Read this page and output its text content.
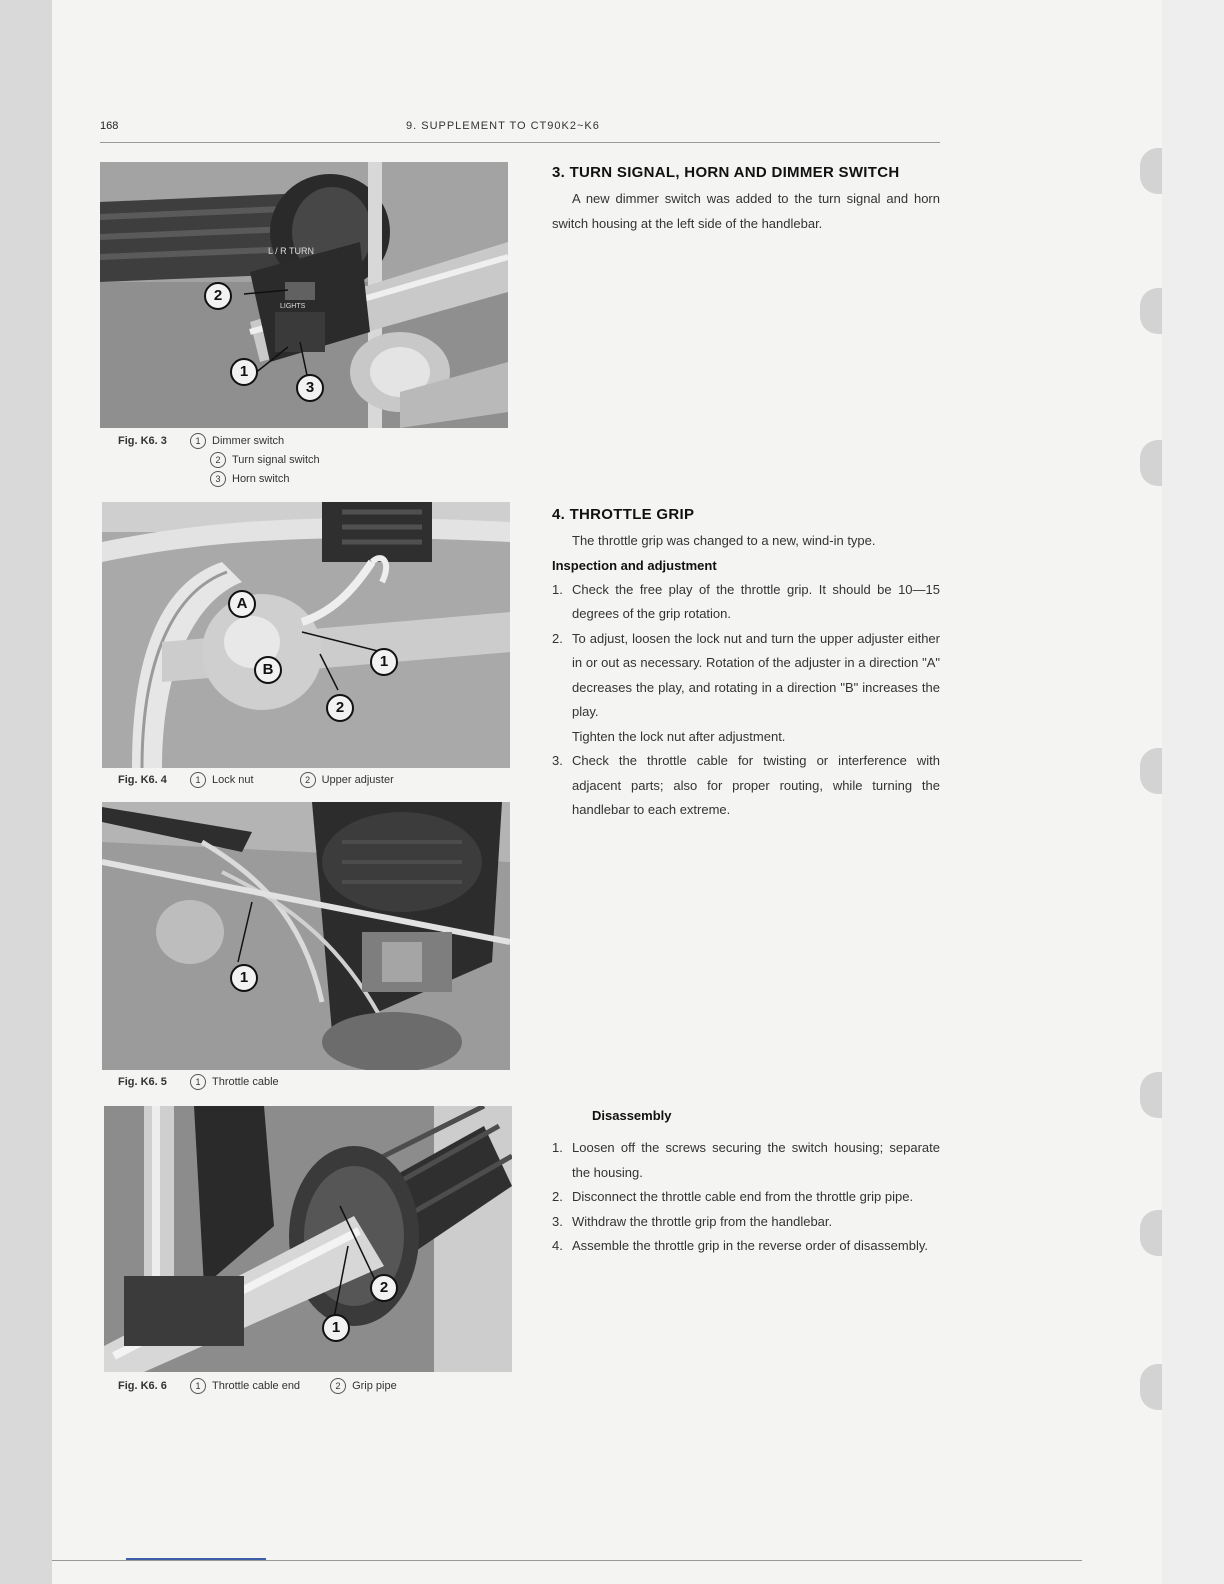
168	9. SUPPLEMENT TO CT90K2~K6
L / R TURN
LIGHTS
2
1
3
Fig. K6. 3	1 Dimmer switch
2 Turn signal switch
3 Horn switch
A
1
B
2
Fig. K6. 4	1 Lock nut	2 Upper adjuster
1
Fig. K6. 5	1 Throttle cable
2
1
Fig. K6. 6	1 Throttle cable end	2 Grip pipe
3. TURN SIGNAL, HORN AND DIMMER SWITCH

A new dimmer switch was added to the turn signal and horn switch housing at the left side of the handlebar.

4. THROTTLE GRIP

The throttle grip was changed to a new, wind-in type.

Inspection and adjustment

1. Check the free play of the throttle grip. It should be 10—15 degrees of the grip rotation.
2. To adjust, loosen the lock nut and turn the upper adjuster either in or out as necessary. Rotation of the adjuster in a direction "A" decreases the play, and rotating in a direction "B" increases the play.

Tighten the lock nut after adjustment.

3. Check the throttle cable for twisting or interference with adjacent parts; also for proper routing, while turning the handlebar to each extreme.

Disassembly

1. Loosen off the screws securing the switch housing; separate the housing.
2. Disconnect the throttle cable end from the throttle grip pipe.
3. Withdraw the throttle grip from the handlebar.
4. Assemble the throttle grip in the reverse order of disassembly.
